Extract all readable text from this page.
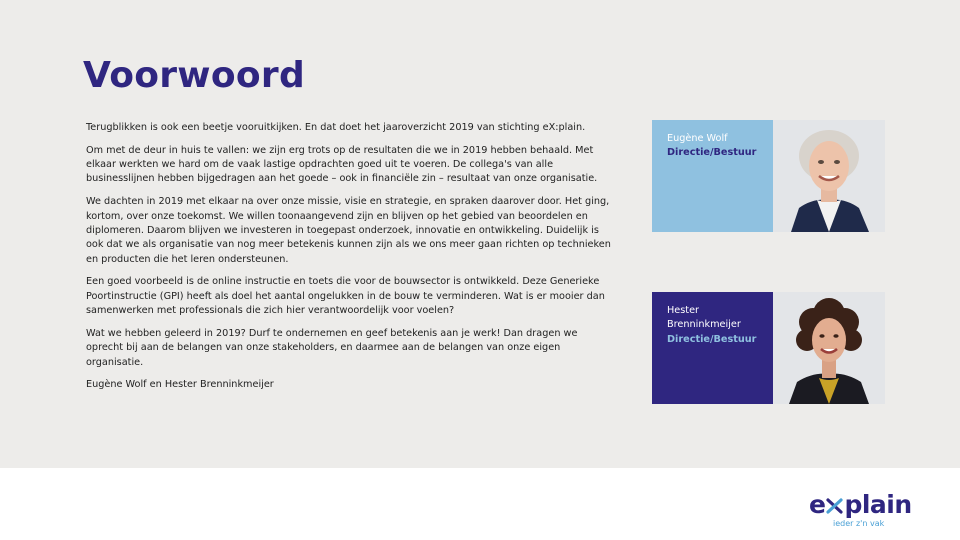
Voorwoord

Terugblikken is ook een beetje vooruitkijken. En dat doet het jaaroverzicht 2019 van stichting eX:plain.

Om met de deur in huis te vallen: we zijn erg trots op de resultaten die we in 2019 hebben behaald. Met elkaar werkten we hard om de vaak lastige opdrachten goed uit te voeren. De collega's van alle businesslijnen hebben bijgedragen aan het goede – ook in financiële zin – resultaat van onze organisatie.

We dachten in 2019 met elkaar na over onze missie, visie en strategie, en spraken daarover door. Het ging, kortom, over onze toekomst. We willen toonaangevend zijn en blijven op het gebied van beoordelen en diplomeren. Daarom blijven we investeren in toegepast onderzoek, innovatie en ontwikkeling. Duidelijk is ook dat we als organisatie van nog meer betekenis kunnen zijn als we ons meer gaan richten op technieken en producten die het leren ondersteunen.

Een goed voorbeeld is de online instructie en toets die voor de bouwsector is ontwikkeld. Deze Generieke Poortinstructie (GPI) heeft als doel het aantal ongelukken in de bouw te verminderen. Wat is er mooier dan samenwerken met professionals die zich hier verantwoordelijk voor voelen?

Wat we hebben geleerd in 2019? Durf te ondernemen en geef betekenis aan je werk! Dan dragen we oprecht bij aan de belangen van onze stakeholders, en daarmee aan de belangen van onze eigen organisatie.

Eugène Wolf en Hester Brenninkmeijer

Eugène Wolf
Directie/Bestuur
Hester Brenninkmeijer
Directie/Bestuur
e plain
ieder z'n vak
